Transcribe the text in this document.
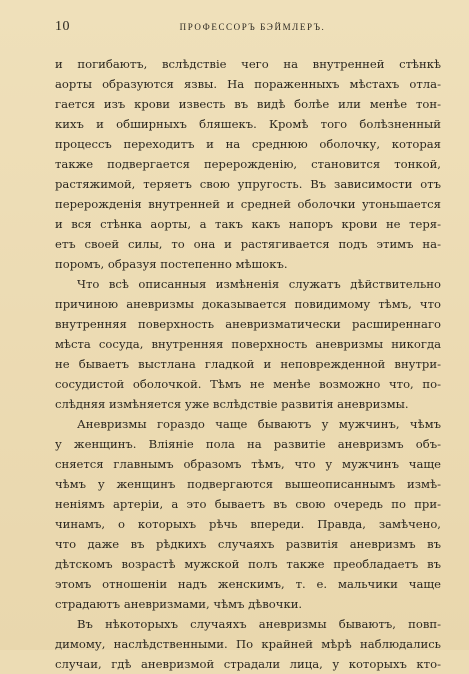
10	ПРОФЕССОРЪ БЭЙМЛЕРЪ.
и погибаютъ, вслѣдствіе чего на внутренней стѣнкѣ
аорты образуются язвы. На пораженныхъ мѣстахъ отла-
гается изъ крови известь въ видѣ болѣе или менѣе тон-
кихъ и обширныхъ бляшекъ. Кромѣ того болѣзненный
процессъ переходитъ и на среднюю оболочку, которая
также подвергается перерожденію, становится тонкой,
растяжимой, теряетъ свою упругость. Въ зависимости отъ
перерожденія внутренней и средней оболочки утоньшается
и вся стѣнка аорты, а такъ какъ напоръ крови не теря-
етъ своей силы, то она и растягивается подъ этимъ на-
поромъ, образуя постепенно мѣшокъ.
Что всѣ описанныя измѣненія служатъ дѣйствительно
причиною аневризмы доказывается повидимому тѣмъ, что
внутренняя поверхность аневризматически расширеннаго
мѣста сосуда, внутренняя поверхность аневризмы никогда
не бываетъ выстлана гладкой и неповрежденной внутри-
сосудистой оболочкой. Тѣмъ не менѣе возможно что, по-
слѣдняя измѣняется уже вслѣдствіе развитія аневризмы.
Аневризмы гораздо чаще бываютъ у мужчинъ, чѣмъ
у женщинъ. Вліяніе пола на развитіе аневризмъ объ-
сняется главнымъ образомъ тѣмъ, что у мужчинъ чаще
чѣмъ у женщинъ подвергаются вышеописаннымъ измѣ-
неніямъ артеріи, а это бываетъ въ свою очередь по при-
чинамъ, о которыхъ рѣчь впереди. Правда, замѣчено,
что даже въ рѣдкихъ случаяхъ развитія аневризмъ въ
дѣтскомъ возрастѣ мужской полъ также преобладаетъ въ
этомъ отношеніи надъ женскимъ, т. е. мальчики чаще
страдаютъ аневризмами, чѣмъ дѣвочки.
Въ нѣкоторыхъ случаяхъ аневризмы бываютъ, повп-
димому, наслѣдственными. По крайней мѣрѣ наблюдались
случаи, гдѣ аневризмой страдали лица, у которыхъ кто-
